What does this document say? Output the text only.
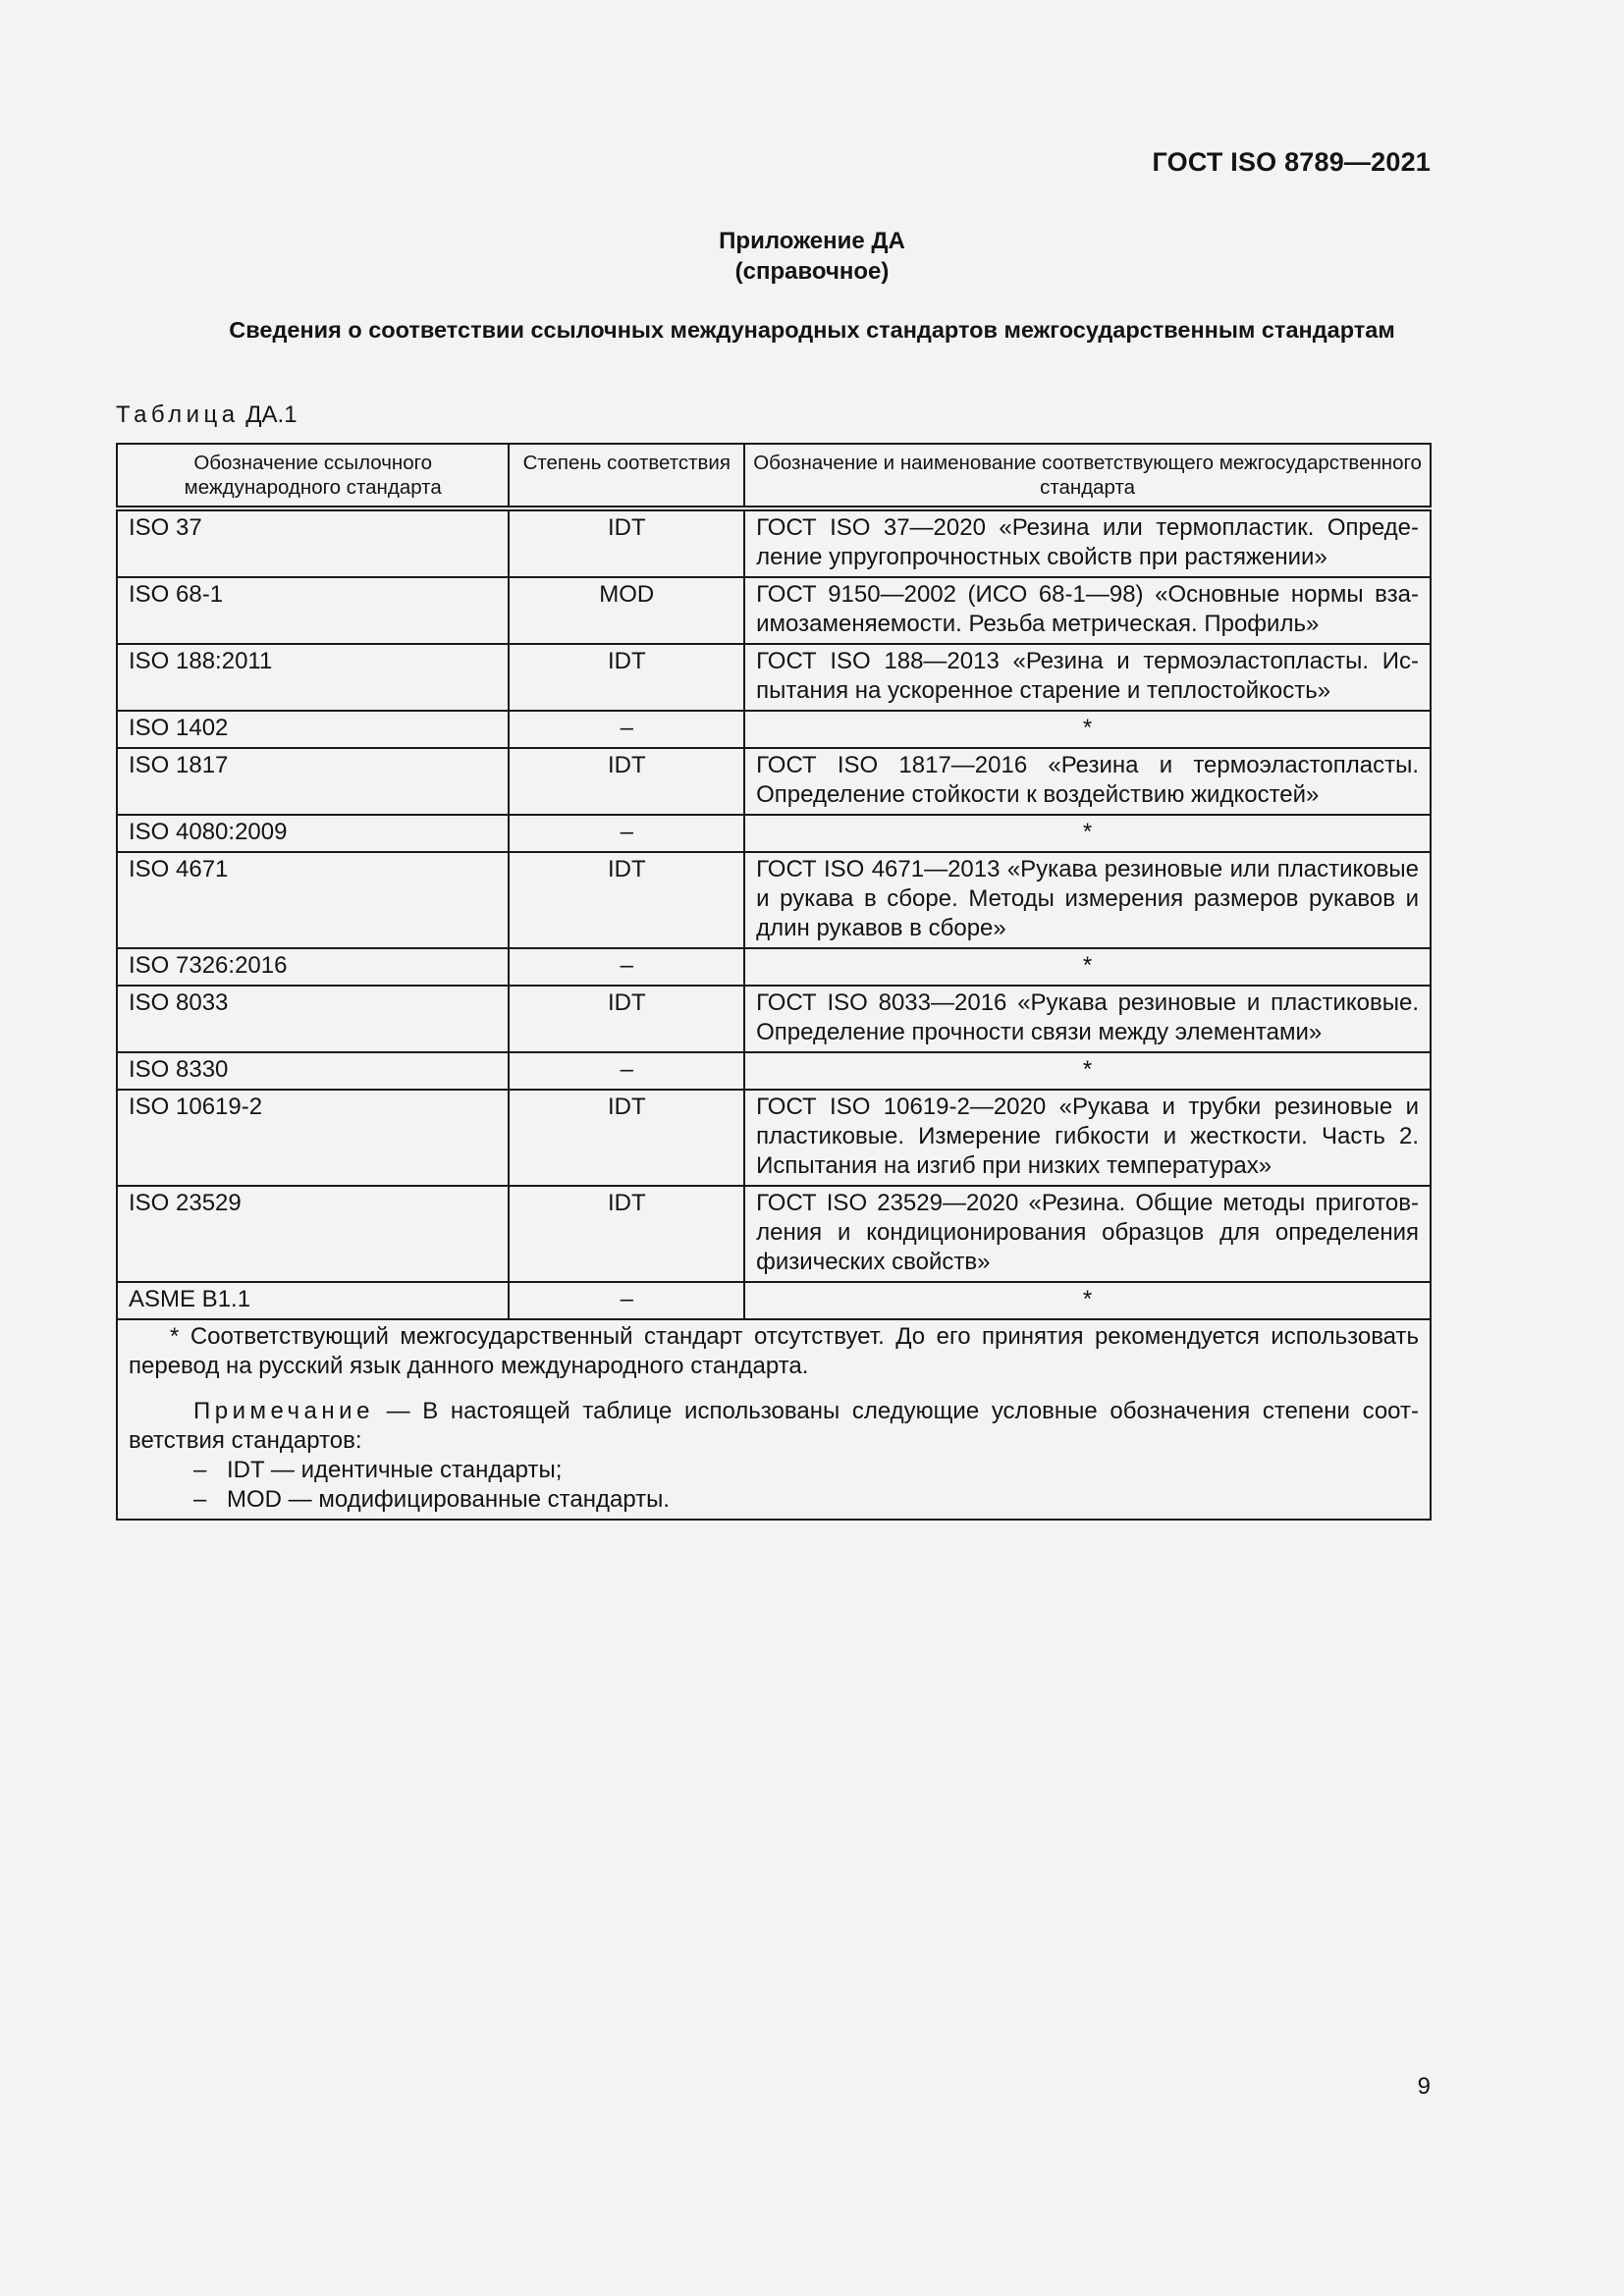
ГОСТ ISO 8789—2021
Приложение ДА
(справочное)
Сведения о соответствии ссылочных международных стандартов межгосударственным стандартам
Таблица ДА.1
Обозначение ссылочного международного стандарта	Степень соответствия	Обозначение и наименование соответствующего межгосударственного стандарта
ISO 37	IDT	ГОСТ ISO 37—2020 «Резина или термопластик. Определение упругопрочностных свойств при растяжении»
ISO 68-1	MOD	ГОСТ 9150—2002 (ИСО 68-1—98) «Основные нормы взаимозаменяемости. Резьба метрическая. Профиль»
ISO 188:2011	IDT	ГОСТ ISO 188—2013 «Резина и термоэластопласты. Испытания на ускоренное старение и теплостойкость»
ISO 1402	–	*
ISO 1817	IDT	ГОСТ ISO 1817—2016 «Резина и термоэластопласты. Определение стойкости к воздействию жидкостей»
ISO 4080:2009	–	*
ISO 4671	IDT	ГОСТ ISO 4671—2013 «Рукава резиновые или пластиковые и рукава в сборе. Методы измерения размеров рукавов и длин рукавов в сборе»
ISO 7326:2016	–	*
ISO 8033	IDT	ГОСТ ISO 8033—2016 «Рукава резиновые и пластиковые. Определение прочности связи между элементами»
ISO 8330	–	*
ISO 10619-2	IDT	ГОСТ ISO 10619-2—2020 «Рукава и трубки резиновые и пластиковые. Измерение гибкости и жесткости. Часть 2. Испытания на изгиб при низких температурах»
ISO 23529	IDT	ГОСТ ISO 23529—2020 «Резина. Общие методы приготовления и кондиционирования образцов для определения физических свойств»
ASME B1.1	–	*

* Соответствующий межгосударственный стандарт отсутствует. До его принятия рекомендуется использовать перевод на русский язык данного международного стандарта.

Примечание — В настоящей таблице использованы следующие условные обозначения степени соответствия стандартов:

– IDT — идентичные стандарты;

– MOD — модифицированные стандарты.		

9
